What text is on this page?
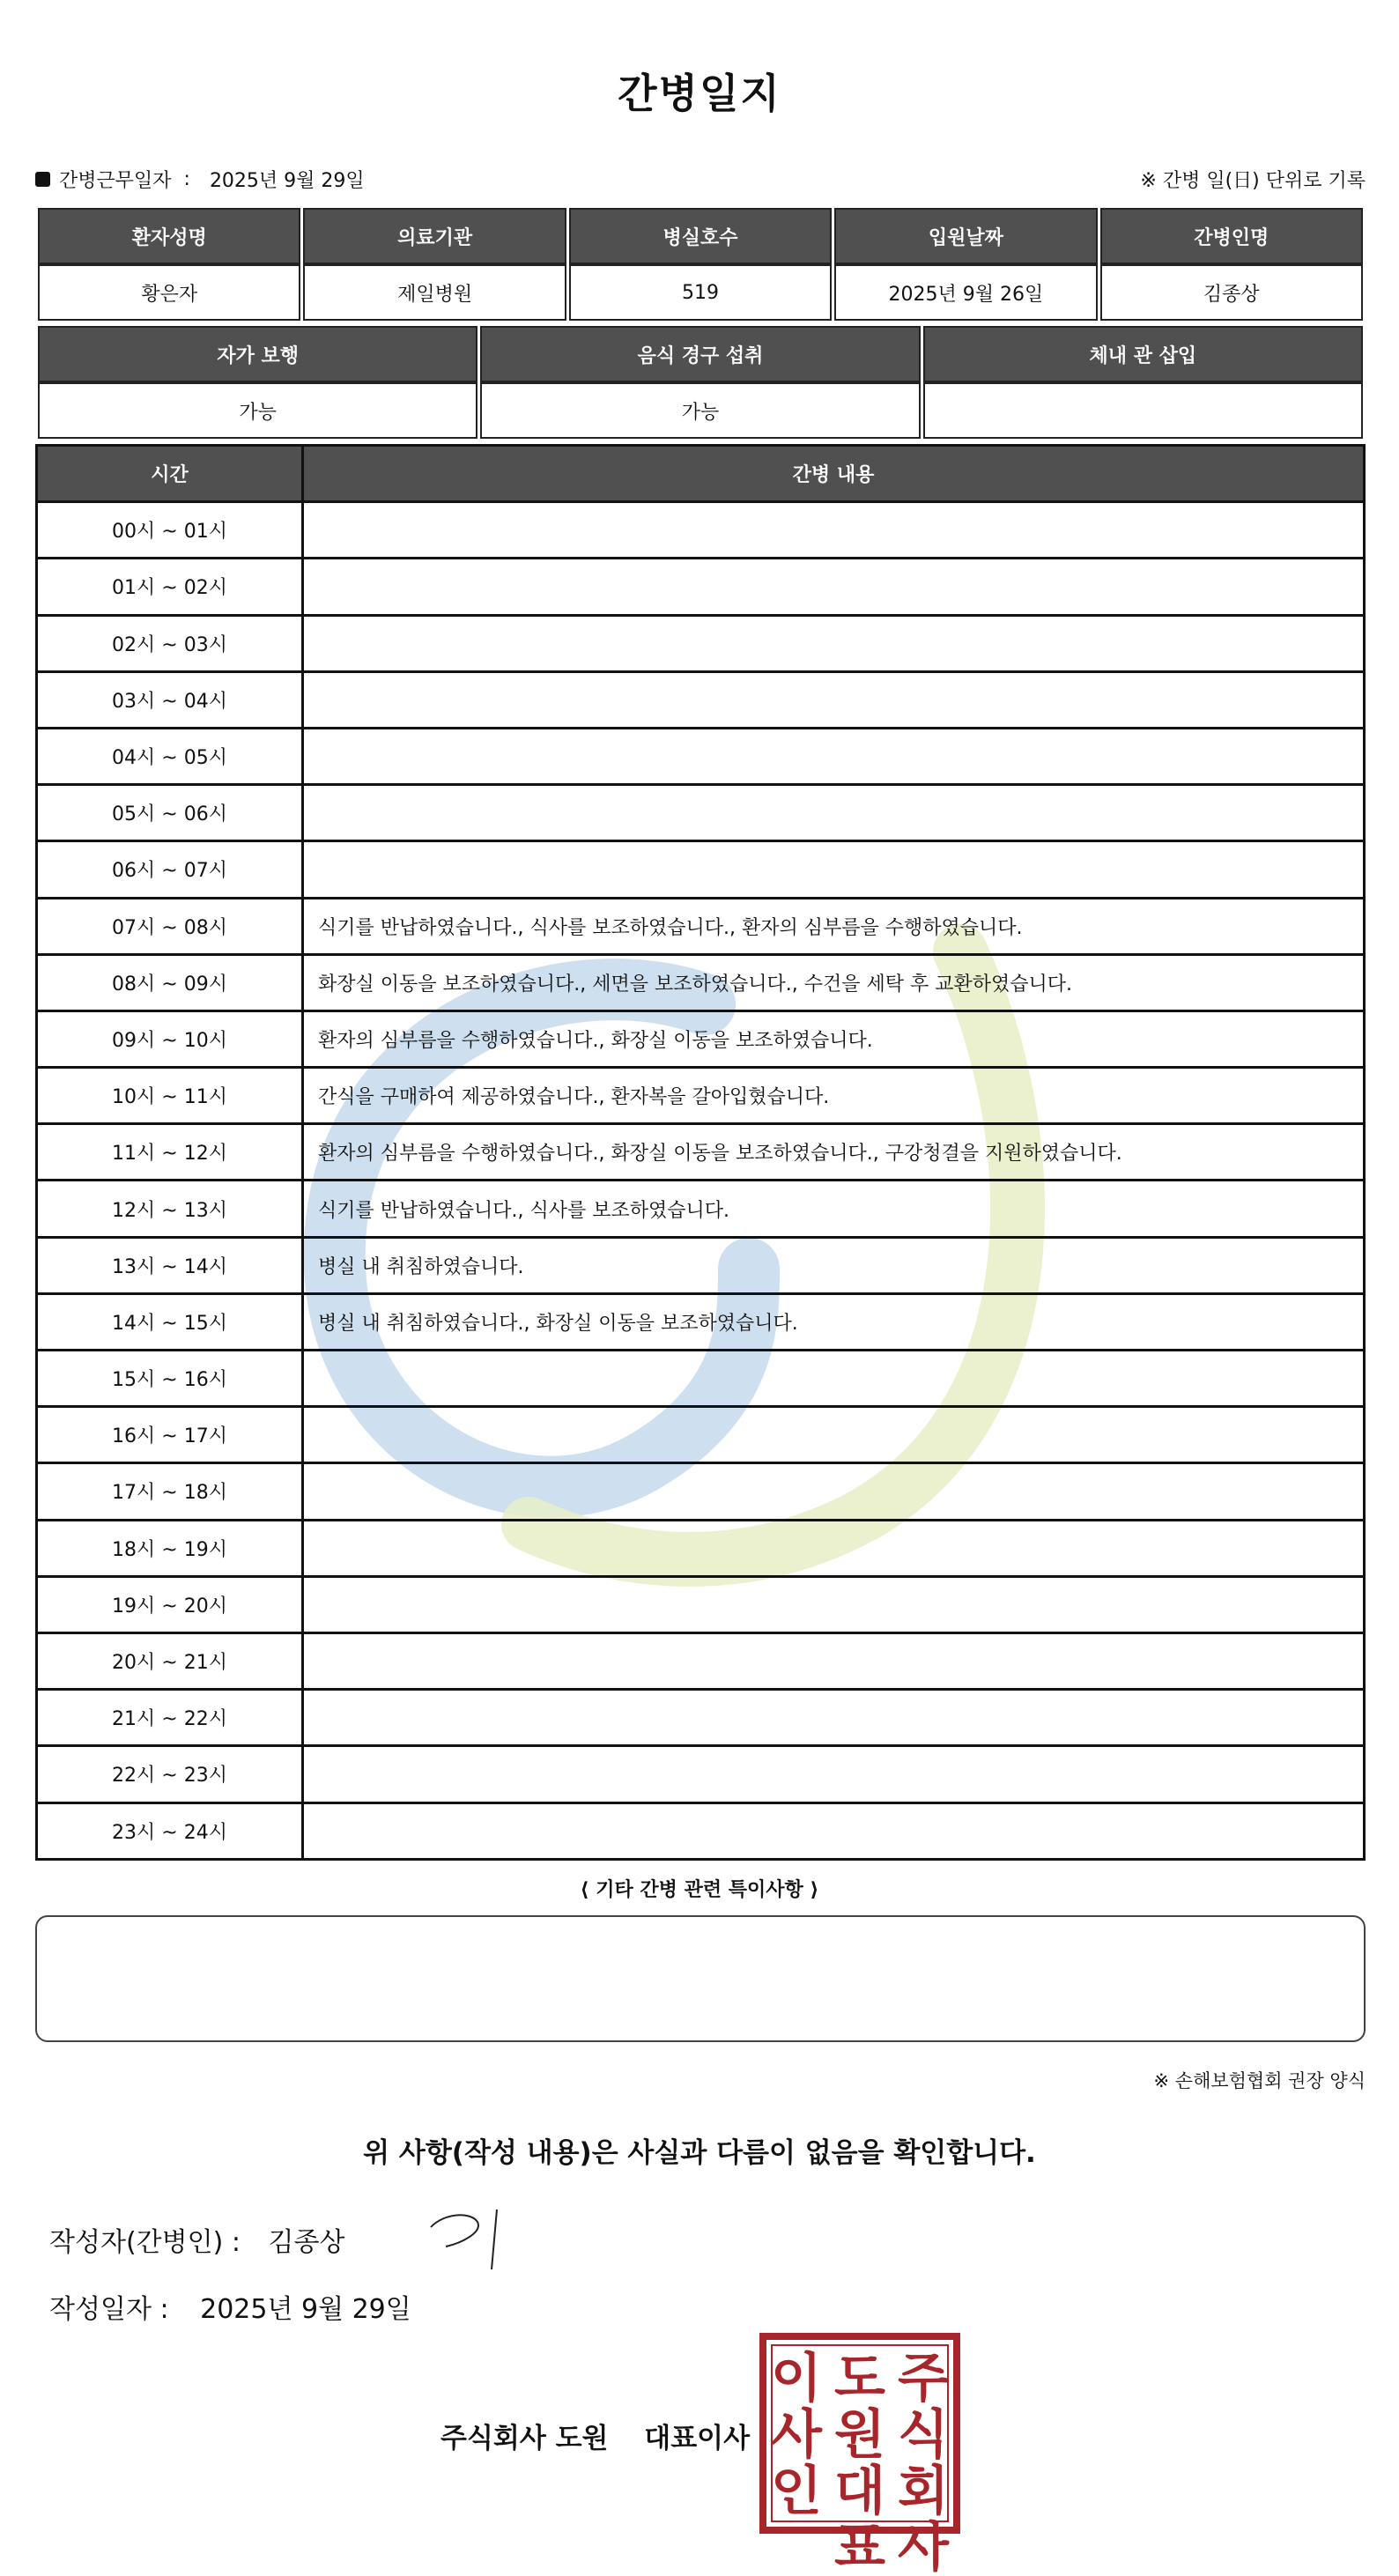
간병일지
간병근무일자 : 2025년 9월 29일	※ 간병 일(日) 단위로 기록
환자성명	의료기관	병실호수	입원날짜	간병인명
황은자	제일병원	519	2025년 9월 26일	김종상
자가 보행	음식 경구 섭취	체내 관 삽입
가능	가능	
시간	간병 내용
00시 ~ 01시	
01시 ~ 02시	
02시 ~ 03시	
03시 ~ 04시	
04시 ~ 05시	
05시 ~ 06시	
06시 ~ 07시	
07시 ~ 08시	식기를 반납하였습니다., 식사를 보조하였습니다., 환자의 심부름을 수행하였습니다.
08시 ~ 09시	화장실 이동을 보조하였습니다., 세면을 보조하였습니다., 수건을 세탁 후 교환하였습니다.
09시 ~ 10시	환자의 심부름을 수행하였습니다., 화장실 이동을 보조하였습니다.
10시 ~ 11시	간식을 구매하여 제공하였습니다., 환자복을 갈아입혔습니다.
11시 ~ 12시	환자의 심부름을 수행하였습니다., 화장실 이동을 보조하였습니다., 구강청결을 지원하였습니다.
12시 ~ 13시	식기를 반납하였습니다., 식사를 보조하였습니다.
13시 ~ 14시	병실 내 취침하였습니다.
14시 ~ 15시	병실 내 취침하였습니다., 화장실 이동을 보조하였습니다.
15시 ~ 16시	
16시 ~ 17시	
17시 ~ 18시	
18시 ~ 19시	
19시 ~ 20시	
20시 ~ 21시	
21시 ~ 22시	
22시 ~ 23시	
23시 ~ 24시	
⟨ 기타 간병 관련 특이사항 ⟩
※ 손해보험협회 권장 양식
위 사항(작성 내용)은 사실과 다름이 없음을 확인합니다.
작성자(간병인) : 김종상
작성일자 : 2025년 9월 29일
주식회사 도원 대표이사
주
식
회
사
도
원
대
표
이
사
인
